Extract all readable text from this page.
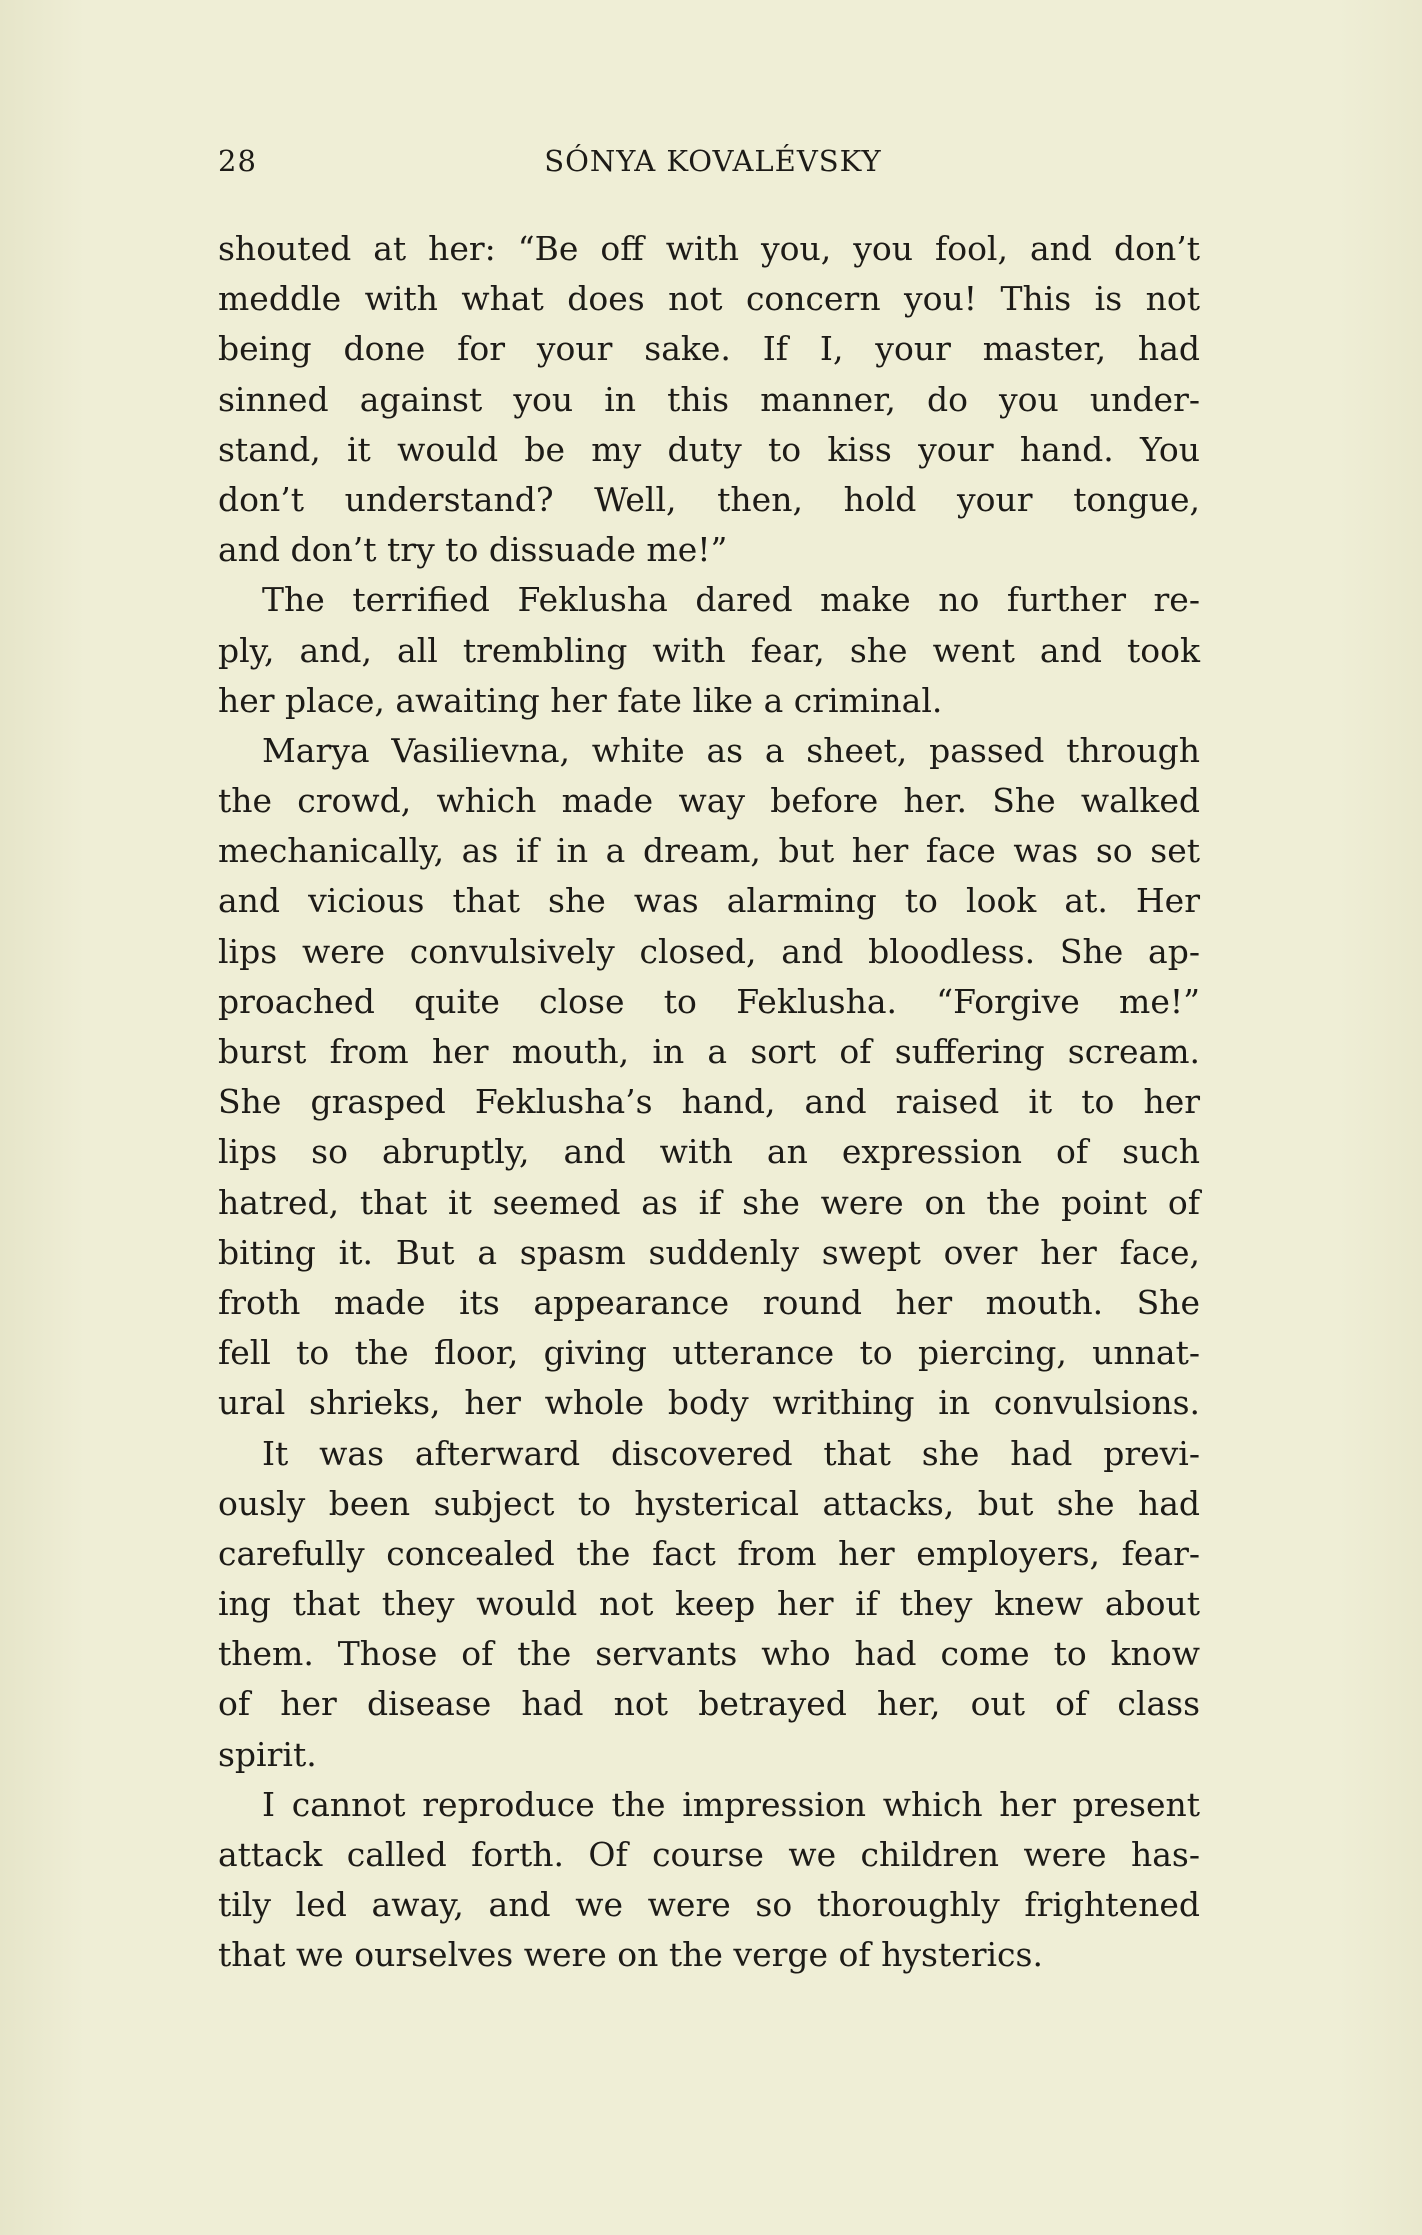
28	SÓNYA KOVALÉVSKY
shouted at her: “Be off with you, you fool, and don’t
meddle with what does not concern you! This is not
being done for your sake. If I, your master, had
sinned against you in this manner, do you under-
stand, it would be my duty to kiss your hand. You
don’t understand? Well, then, hold your tongue,
and don’t try to dissuade me!”
The terrified Feklusha dared make no further re-
ply, and, all trembling with fear, she went and took
her place, awaiting her fate like a criminal.
Marya Vasilievna, white as a sheet, passed through
the crowd, which made way before her. She walked
mechanically, as if in a dream, but her face was so set
and vicious that she was alarming to look at. Her
lips were convulsively closed, and bloodless. She ap-
proached quite close to Feklusha. “Forgive me!”
burst from her mouth, in a sort of suffering scream.
She grasped Feklusha’s hand, and raised it to her
lips so abruptly, and with an expression of such
hatred, that it seemed as if she were on the point of
biting it. But a spasm suddenly swept over her face,
froth made its appearance round her mouth. She
fell to the floor, giving utterance to piercing, unnat-
ural shrieks, her whole body writhing in convulsions.
It was afterward discovered that she had previ-
ously been subject to hysterical attacks, but she had
carefully concealed the fact from her employers, fear-
ing that they would not keep her if they knew about
them. Those of the servants who had come to know
of her disease had not betrayed her, out of class
spirit.
I cannot reproduce the impression which her present
attack called forth. Of course we children were has-
tily led away, and we were so thoroughly frightened
that we ourselves were on the verge of hysterics.
